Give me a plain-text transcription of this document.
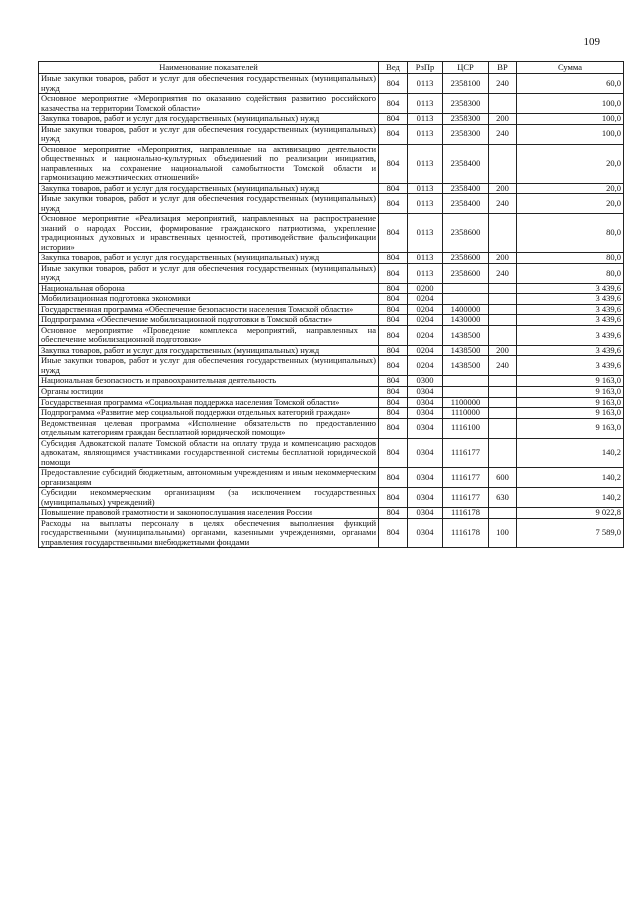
109
Наименование показателей	Вед	РзПр	ЦСР	ВР	Сумма
Иные закупки товаров, работ и услуг для обеспечения государственных (муниципальных) нужд	804	0113	2358100	240	60,0
Основное мероприятие «Мероприятия по оказанию содействия развитию российского казачества на территории Томской области»	804	0113	2358300		100,0
Закупка товаров, работ и услуг для государственных (муниципальных) нужд	804	0113	2358300	200	100,0
Иные закупки товаров, работ и услуг для обеспечения государственных (муниципальных) нужд	804	0113	2358300	240	100,0
Основное мероприятие «Мероприятия, направленные на активизацию деятельности общественных и национально-культурных объединений по реализации инициатив, направленных на сохранение национальной самобытности Томской области и гармонизацию межэтнических отношений»	804	0113	2358400		20,0
Закупка товаров, работ и услуг для государственных (муниципальных) нужд	804	0113	2358400	200	20,0
Иные закупки товаров, работ и услуг для обеспечения государственных (муниципальных) нужд	804	0113	2358400	240	20,0
Основное мероприятие «Реализация мероприятий, направленных на распространение знаний о народах России, формирование гражданского патриотизма, укрепление традиционных духовных и нравственных ценностей, противодействие фальсификации истории»	804	0113	2358600		80,0
Закупка товаров, работ и услуг для государственных (муниципальных) нужд	804	0113	2358600	200	80,0
Иные закупки товаров, работ и услуг для обеспечения государственных (муниципальных) нужд	804	0113	2358600	240	80,0
Национальная оборона	804	0200			3 439,6
Мобилизационная подготовка экономики	804	0204			3 439,6
Государственная программа «Обеспечение безопасности населения Томской области»	804	0204	1400000		3 439,6
Подпрограмма «Обеспечение мобилизационной подготовки в Томской области»	804	0204	1430000		3 439,6
Основное мероприятие «Проведение комплекса мероприятий, направленных на обеспечение мобилизационной подготовки»	804	0204	1438500		3 439,6
Закупка товаров, работ и услуг для государственных (муниципальных) нужд	804	0204	1438500	200	3 439,6
Иные закупки товаров, работ и услуг для обеспечения государственных (муниципальных) нужд	804	0204	1438500	240	3 439,6
Национальная безопасность и правоохранительная деятельность	804	0300			9 163,0
Органы юстиции	804	0304			9 163,0
Государственная программа «Социальная поддержка населения Томской области»	804	0304	1100000		9 163,0
Подпрограмма «Развитие мер социальной поддержки отдельных категорий граждан»	804	0304	1110000		9 163,0
Ведомственная целевая программа «Исполнение обязательств по предоставлению отдельным категориям граждан бесплатной юридической помощи»	804	0304	1116100		9 163,0
Субсидия Адвокатской палате Томской области на оплату труда и компенсацию расходов адвокатам, являющимся участниками государственной системы бесплатной юридической помощи	804	0304	1116177		140,2
Предоставление субсидий бюджетным, автономным учреждениям и иным некоммерческим организациям	804	0304	1116177	600	140,2
Субсидии некоммерческим организациям (за исключением государственных (муниципальных) учреждений)	804	0304	1116177	630	140,2
Повышение правовой грамотности и законопослушания населения России	804	0304	1116178		9 022,8
Расходы на выплаты персоналу в целях обеспечения выполнения функций государственными (муниципальными) органами, казенными учреждениями, органами управления государственными внебюджетными фондами	804	0304	1116178	100	7 589,0
